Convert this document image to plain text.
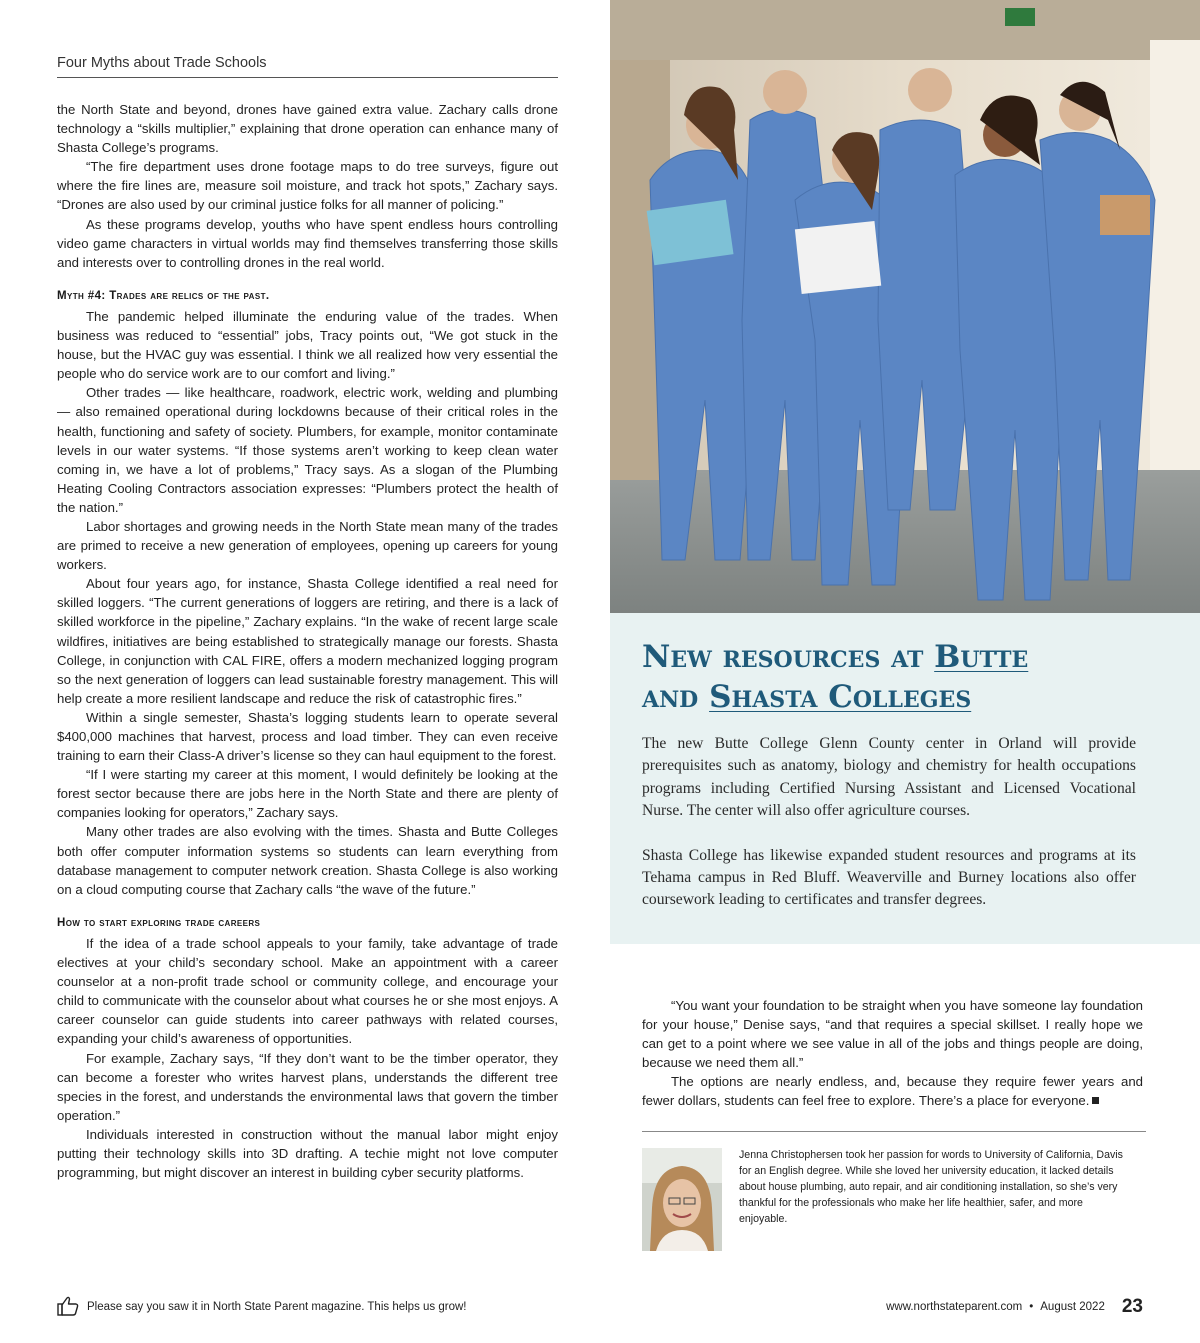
Four Myths about Trade Schools

the North State and beyond, drones have gained extra value. Zachary calls drone technology a “skills multiplier,” explaining that drone operation can enhance many of Shasta College’s programs.

“The fire department uses drone footage maps to do tree surveys, figure out where the fire lines are, measure soil moisture, and track hot spots,” Zachary says. “Drones are also used by our criminal justice folks for all manner of policing.”

As these programs develop, youths who have spent endless hours controlling video game characters in virtual worlds may find themselves transferring those skills and interests over to controlling drones in the real world.

Myth #4: Trades are relics of the past.

The pandemic helped illuminate the enduring value of the trades. When business was reduced to “essential” jobs, Tracy points out, “We got stuck in the house, but the HVAC guy was essential. I think we all realized how very essential the people who do service work are to our comfort and living.”

Other trades — like healthcare, roadwork, electric work, welding and plumbing — also remained operational during lockdowns because of their critical roles in the health, functioning and safety of society. Plumbers, for example, monitor contaminate levels in our water systems. “If those systems aren’t working to keep clean water coming in, we have a lot of problems,” Tracy says. As a slogan of the Plumbing Heating Cooling Contractors association expresses: “Plumbers protect the health of the nation.”

Labor shortages and growing needs in the North State mean many of the trades are primed to receive a new generation of employees, opening up careers for young workers.

About four years ago, for instance, Shasta College identified a real need for skilled loggers. “The current generations of loggers are retiring, and there is a lack of skilled workforce in the pipeline,” Zachary explains. “In the wake of recent large scale wildfires, initiatives are being established to strategically manage our forests. Shasta College, in conjunction with CAL FIRE, offers a modern mechanized logging program so the next generation of loggers can lead sustainable forestry management. This will help create a more resilient landscape and reduce the risk of catastrophic fires.”

Within a single semester, Shasta’s logging students learn to operate several $400,000 machines that harvest, process and load timber. They can even receive training to earn their Class-A driver’s license so they can haul equipment to the forest.

“If I were starting my career at this moment, I would definitely be looking at the forest sector because there are jobs here in the North State and there are plenty of companies looking for operators,” Zachary says.

Many other trades are also evolving with the times. Shasta and Butte Colleges both offer computer information systems so students can learn everything from database management to computer network creation. Shasta College is also working on a cloud computing course that Zachary calls “the wave of the future.”

How to start exploring trade careers

If the idea of a trade school appeals to your family, take advantage of trade electives at your child’s secondary school. Make an appointment with a career counselor at a non-profit trade school or community college, and encourage your child to communicate with the counselor about what courses he or she most enjoys. A career counselor can guide students into career pathways with related courses, expanding your child’s awareness of opportunities.

For example, Zachary says, “If they don’t want to be the timber operator, they can become a forester who writes harvest plans, understands the different tree species in the forest, and understands the environmental laws that govern the timber operation.”

Individuals interested in construction without the manual labor might enjoy putting their technology skills into 3D drafting. A techie might not love computer programming, but might discover an interest in building cyber security platforms.

New resources at Butte
and Shasta Colleges

The new Butte College Glenn County center in Orland will provide prerequisites such as anatomy, biology and chemistry for health occupations programs including Certified Nursing Assistant and Licensed Vocational Nurse. The center will also offer agriculture courses.

Shasta College has likewise expanded student resources and programs at its Tehama campus in Red Bluff. Weaverville and Burney locations also offer coursework leading to certificates and transfer degrees.

“You want your foundation to be straight when you have someone lay foundation for your house,” Denise says, “and that requires a special skillset. I really hope we can get to a point where we see value in all of the jobs and things people are doing, because we need them all.”

The options are nearly endless, and, because they require fewer years and fewer dollars, students can feel free to explore. There’s a place for everyone.

Jenna Christophersen took her passion for words to University of California, Davis for an English degree. While she loved her university education, it lacked details about house plumbing, auto repair, and air conditioning installation, so she’s very thankful for the professionals who make her life healthier, safer, and more enjoyable.
Please say you saw it in North State Parent magazine. This helps us grow!	www.northstateparent.com • August 2022 23
